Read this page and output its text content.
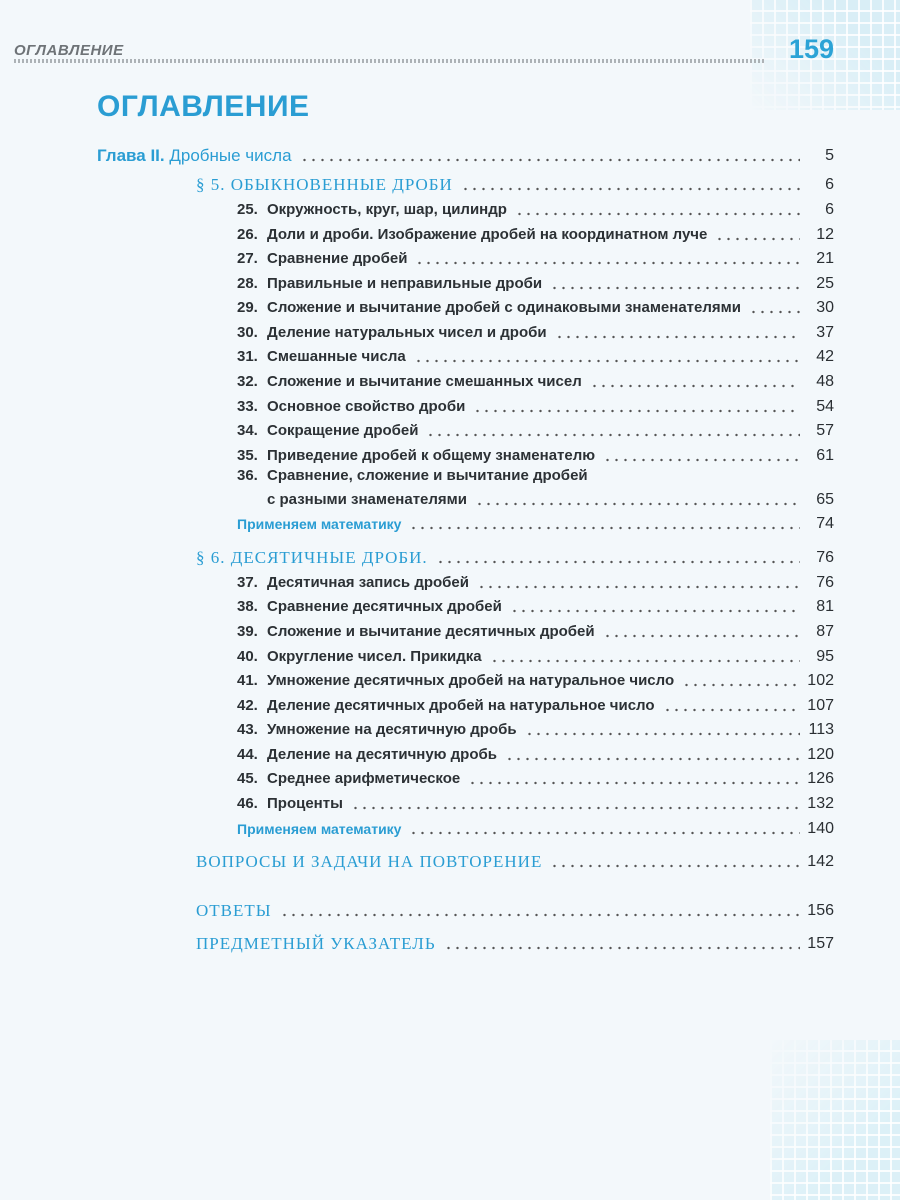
ОГЛАВЛЕНИЕ	159
ОГЛАВЛЕНИЕ
Глава II. Дробные числа	5
§ 5. ОБЫКНОВЕННЫЕ ДРОБИ	6
25. Окружность, круг, шар, цилиндр	6
26. Доли и дроби. Изображение дробей на координатном луче	12
27. Сравнение дробей	21
28. Правильные и неправильные дроби	25
29. Сложение и вычитание дробей с одинаковыми знаменателями	30
30. Деление натуральных чисел и дроби	37
31. Смешанные числа	42
32. Сложение и вычитание смешанных чисел	48
33. Основное свойство дроби	54
34. Сокращение дробей	57
35. Приведение дробей к общему знаменателю	61
36. Сравнение, сложение и вычитание дробей
с разными знаменателями	65
Применяем математику	74
§ 6. ДЕСЯТИЧНЫЕ ДРОБИ.	76
37. Десятичная запись дробей	76
38. Сравнение десятичных дробей	81
39. Сложение и вычитание десятичных дробей	87
40. Округление чисел. Прикидка	95
41. Умножение десятичных дробей на натуральное число	102
42. Деление десятичных дробей на натуральное число	107
43. Умножение на десятичную дробь	113
44. Деление на десятичную дробь	120
45. Среднее арифметическое	126
46. Проценты	132
Применяем математику	140
ВОПРОСЫ И ЗАДАЧИ НА ПОВТОРЕНИЕ	142
ОТВЕТЫ	156
ПРЕДМЕТНЫЙ УКАЗАТЕЛЬ	157
